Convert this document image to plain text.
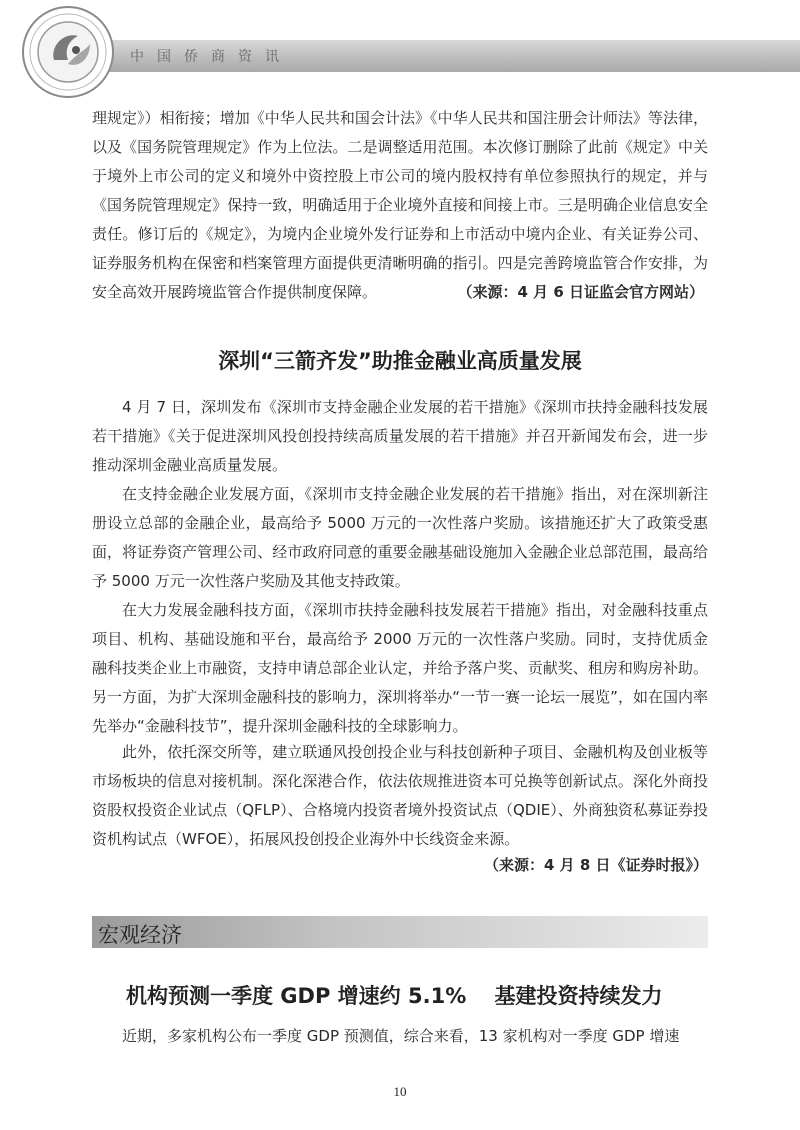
中国侨商资讯

理规定》）相衔接；增加《中华人民共和国会计法》《中华人民共和国注册会计师法》等法律，以及《国务院管理规定》作为上位法。二是调整适用范围。本次修订删除了此前《规定》中关于境外上市公司的定义和境外中资控股上市公司的境内股权持有单位参照执行的规定，并与《国务院管理规定》保持一致，明确适用于企业境外直接和间接上市。三是明确企业信息安全责任。修订后的《规定》，为境内企业境外发行证券和上市活动中境内企业、有关证券公司、证券服务机构在保密和档案管理方面提供更清晰明确的指引。四是完善跨境监管合作安排，为安全高效开展跨境监管合作提供制度保障。	（来源：4 月 6 日证监会官方网站）
深圳“三箭齐发”助推金融业高质量发展

4 月 7 日，深圳发布《深圳市支持金融企业发展的若干措施》《深圳市扶持金融科技发展若干措施》《关于促进深圳风投创投持续高质量发展的若干措施》并召开新闻发布会，进一步推动深圳金融业高质量发展。

在支持金融企业发展方面，《深圳市支持金融企业发展的若干措施》指出，对在深圳新注册设立总部的金融企业，最高给予 5000 万元的一次性落户奖励。该措施还扩大了政策受惠面，将证券资产管理公司、经市政府同意的重要金融基础设施加入金融企业总部范围，最高给予 5000 万元一次性落户奖励及其他支持政策。

在大力发展金融科技方面，《深圳市扶持金融科技发展若干措施》指出，对金融科技重点项目、机构、基础设施和平台，最高给予 2000 万元的一次性落户奖励。同时，支持优质金融科技类企业上市融资，支持申请总部企业认定，并给予落户奖、贡献奖、租房和购房补助。另一方面，为扩大深圳金融科技的影响力，深圳将举办“一节一赛一论坛一展览”，如在国内率先举办“金融科技节”，提升深圳金融科技的全球影响力。

此外，依托深交所等，建立联通风投创投企业与科技创新种子项目、金融机构及创业板等市场板块的信息对接机制。深化深港合作，依法依规推进资本可兑换等创新试点。深化外商投资股权投资企业试点（QFLP）、合格境内投资者境外投资试点（QDIE）、外商独资私募证券投资机构试点（WFOE），拓展风投创投企业海外中长线资金来源。

（来源：4 月 8 日《证券时报》）
宏观经济
机构预测一季度 GDP 增速约 5.1%　 基建投资持续发力

近期，多家机构公布一季度 GDP 预测值，综合来看，13 家机构对一季度 GDP 增速

10
